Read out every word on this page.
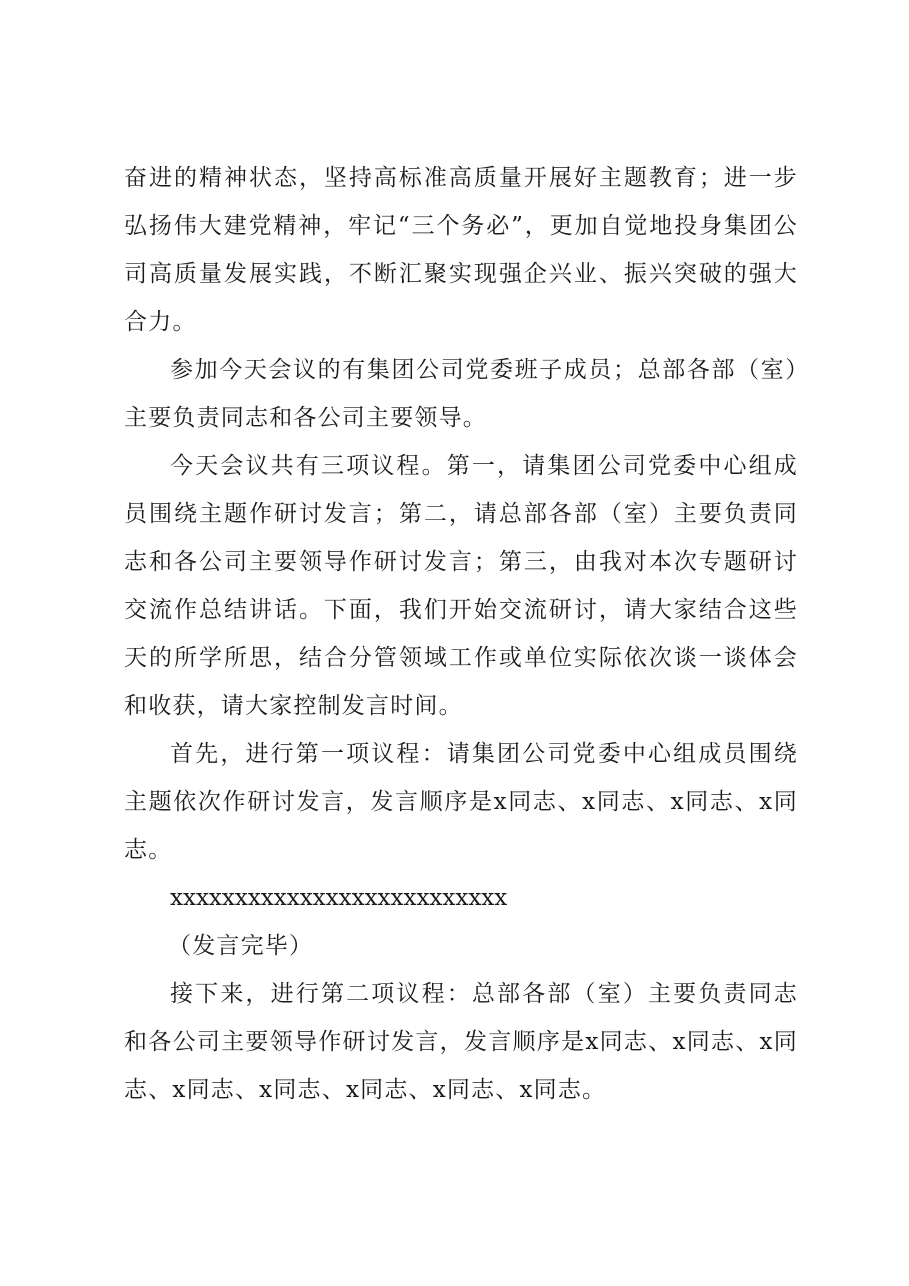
奋进的精神状态，坚持高标准高质量开展好主题教育；进一步弘扬伟大建党精神，牢记“三个务必”，更加自觉地投身集团公司高质量发展实践，不断汇聚实现强企兴业、振兴突破的强大合力。

参加今天会议的有集团公司党委班子成员；总部各部（室）主要负责同志和各公司主要领导。

今天会议共有三项议程。第一，请集团公司党委中心组成员围绕主题作研讨发言；第二，请总部各部（室）主要负责同志和各公司主要领导作研讨发言；第三，由我对本次专题研讨交流作总结讲话。下面，我们开始交流研讨，请大家结合这些天的所学所思，结合分管领域工作或单位实际依次谈一谈体会和收获，请大家控制发言时间。

首先，进行第一项议程：请集团公司党委中心组成员围绕主题依次作研讨发言，发言顺序是x同志、x同志、x同志、x同志。

xxxxxxxxxxxxxxxxxxxxxxxxxx

（发言完毕）

接下来，进行第二项议程：总部各部（室）主要负责同志和各公司主要领导作研讨发言，发言顺序是x同志、x同志、x同志、x同志、x同志、x同志、x同志、x同志。
